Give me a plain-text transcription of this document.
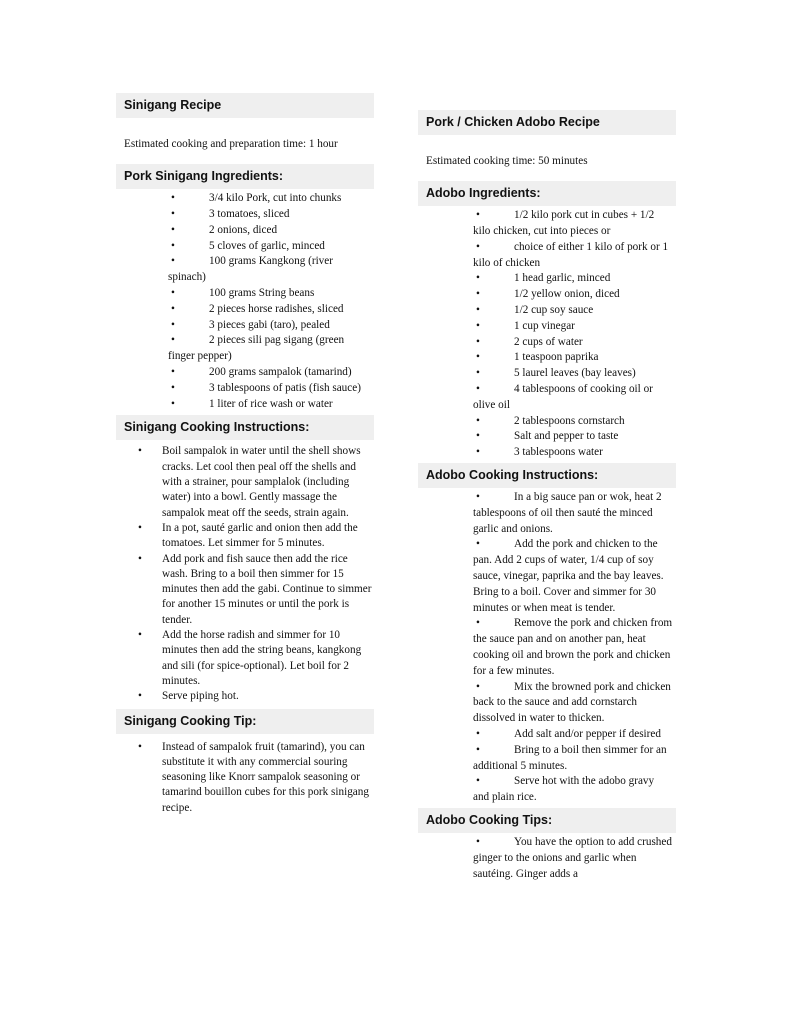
Sinigang Recipe
Estimated cooking and preparation time: 1 hour
Pork Sinigang Ingredients:
•	3/4 kilo Pork, cut into chunks
•	3 tomatoes, sliced
•	2 onions, diced
•	5 cloves of garlic, minced
•	100 grams Kangkong (river spinach)
•	100 grams String beans
•	2 pieces horse radishes, sliced
•	3 pieces gabi (taro), pealed
•	2 pieces sili pag sigang (green finger pepper)
•	200 grams sampalok (tamarind)
•	3 tablespoons of patis (fish sauce)
•	1 liter of rice wash or water
Sinigang Cooking Instructions:
• Boil sampalok in water until the shell shows cracks. Let cool then peal off the shells and with a strainer, pour samplalok (including water) into a bowl. Gently massage the sampalok meat off the seeds, strain again.
• In a pot, sauté garlic and onion then add the tomatoes. Let simmer for 5 minutes.
• Add pork and fish sauce then add the rice wash. Bring to a boil then simmer for 15 minutes then add the gabi. Continue to simmer for another 15 minutes or until the pork is tender.
• Add the horse radish and simmer for 10 minutes then add the string beans, kangkong and sili (for spice-optional). Let boil for 2 minutes.
• Serve piping hot.
Sinigang Cooking Tip:
• Instead of sampalok fruit (tamarind), you can substitute it with any commercial souring seasoning like Knorr sampalok seasoning or tamarind bouillon cubes for this pork sinigang recipe.
Pork / Chicken Adobo Recipe
Estimated cooking time: 50 minutes
Adobo Ingredients:
•	1/2 kilo pork cut in cubes + 1/2 kilo chicken, cut into pieces or
•	choice of either 1 kilo of pork or 1 kilo of chicken
•	1 head garlic, minced
•	1/2 yellow onion, diced
•	1/2 cup soy sauce
•	1 cup vinegar
•	2 cups of water
•	1 teaspoon paprika
•	5 laurel leaves (bay leaves)
•	4 tablespoons of cooking oil or olive oil
•	2 tablespoons cornstarch
•	Salt and pepper to taste
•	3 tablespoons water
Adobo Cooking Instructions:
•	In a big sauce pan or wok, heat 2 tablespoons of oil then sauté the minced garlic and onions.
•	Add the pork and chicken to the pan. Add 2 cups of water, 1/4 cup of soy sauce, vinegar, paprika and the bay leaves. Bring to a boil. Cover and simmer for 30 minutes or when meat is tender.
•	Remove the pork and chicken from the sauce pan and on another pan, heat cooking oil and brown the pork and chicken for a few minutes.
•	Mix the browned pork and chicken back to the sauce and add cornstarch dissolved in water to thicken.
•	Add salt and/or pepper if desired
•	Bring to a boil then simmer for an additional 5 minutes.
•	Serve hot with the adobo gravy and plain rice.
Adobo Cooking Tips:
•	You have the option to add crushed ginger to the onions and garlic when sautéing. Ginger adds a
